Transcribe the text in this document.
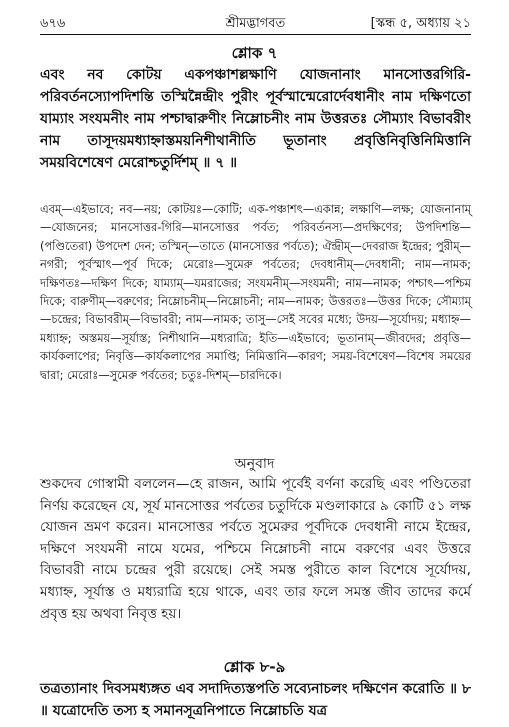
৬৭৬	শ্রীমদ্ভাগবত	[স্কন্ধ ৫, অধ্যায় ২১
শ্লোক ৭
এবং নব কোটয় একপঞ্চাশল্লক্ষাণি যোজনানাং মানসোত্তরগিরি-পরিবর্তনস্যোপদিশন্তি তস্মিন্নৈন্দ্রীং পুরীং পূর্বস্মান্মেরোর্দেবধানীং নাম দক্ষিণতো যাম্যাং সংযমনীং নাম পশ্চাদ্বারুণীং নিম্লোচনীং নাম উত্তরতঃ সৌম্যাং বিভাবরীং নাম তাসূদয়মধ্যাহ্নাস্তময়নিশীথানীতি ভূতানাং প্রবৃত্তিনিবৃত্তিনিমিত্তানি সময়বিশেষেণ মেরোশ্চতুর্দিশম্ ॥ ৭ ॥
এবম্—এইভাবে; নব—নয়; কোটয়ঃ—কোটি; এক-পঞ্চাশৎ—একান্ন; লক্ষাণি—লক্ষ; যোজনানাম্—যোজনের; মানসোত্তর-গিরি—মানসোত্তর পর্বত; পরিবর্তনস্য—প্রদক্ষিণের; উপদিশন্তি—(পণ্ডিতেরা) উপদেশ দেন; তস্মিন্—তাতে (মানসোত্তর পর্বতে); ঐন্দ্রীম্—দেবরাজ ইন্দ্রের; পুরীম্—নগরী; পূর্বস্মাৎ—পূর্ব দিকে; মেরোঃ—সুমেরু পর্বতের; দেবধানীম্—দেবধানী; নাম—নামক; দক্ষিণতঃ—দক্ষিণ দিকে; যাম্যাম্—যমরাজের; সংযমনীম্—সংযমনী; নাম—নামক; পশ্চাৎ—পশ্চিম দিকে; বারুণীম্—বরুণের; নিম্লোচনীম্—নিম্লোচনী; নাম—নামক; উত্তরতঃ—উত্তর দিকে; সৌম্যাম্—চন্দ্রের; বিভাবরীম্—বিভাবরী; নাম—নামক; তাসু—সেই সবের মধ্যে; উদয়—সূর্যোদয়; মধ্যাহ্ন—মধ্যাহ্ন; অস্তময়—সূর্যাস্ত; নিশীথানি—মধ্যরাত্রি; ইতি—এইভাবে; ভূতানাম্—জীবদের; প্রবৃত্তি—কার্যকলাপের; নিবৃত্তি—কার্যকলাপের সমাপ্তি; নিমিত্তানি—কারণ; সময়-বিশেষেণ—বিশেষ সময়ের দ্বারা; মেরোঃ—সুমেরু পর্বতের; চতুঃ-দিশম্—চারদিকে।
অনুবাদ
শুকদেব গোস্বামী বললেন—হে রাজন, আমি পূর্বেই বর্ণনা করেছি এবং পণ্ডিতেরা নির্ণয় করেছেন যে, সূর্য মানসোত্তর পর্বতের চতুর্দিকে মণ্ডলাকারে ৯ কোটি ৫১ লক্ষ যোজন ভ্রমণ করেন। মানসোত্তর পর্বতে সুমেরুর পূর্বদিকে দেবধানী নামে ইন্দ্রের, দক্ষিণে সংযমনী নামে যমের, পশ্চিমে নিম্লোচনী নামে বরুণের এবং উত্তরে বিভাবরী নামে চন্দ্রের পুরী রয়েছে। সেই সমস্ত পুরীতে কাল বিশেষে সূর্যোদয়, মধ্যাহ্ন, সূর্যাস্ত ও মধ্যরাত্রি হয়ে থাকে, এবং তার ফলে সমস্ত জীব তাদের কর্মে প্রবৃত্ত হয় অথবা নিবৃত্ত হয়।
শ্লোক ৮-৯
তত্রত্যানাং দিবসমধ্যঙ্গত এব সদাদিত্যস্তপতি সব্যেনাচলং দক্ষিণেন করোতি ॥ ৮ ॥ যত্রোদেতি তস্য হ সমানসূত্রনিপাতে নিম্লোচতি যত্র
